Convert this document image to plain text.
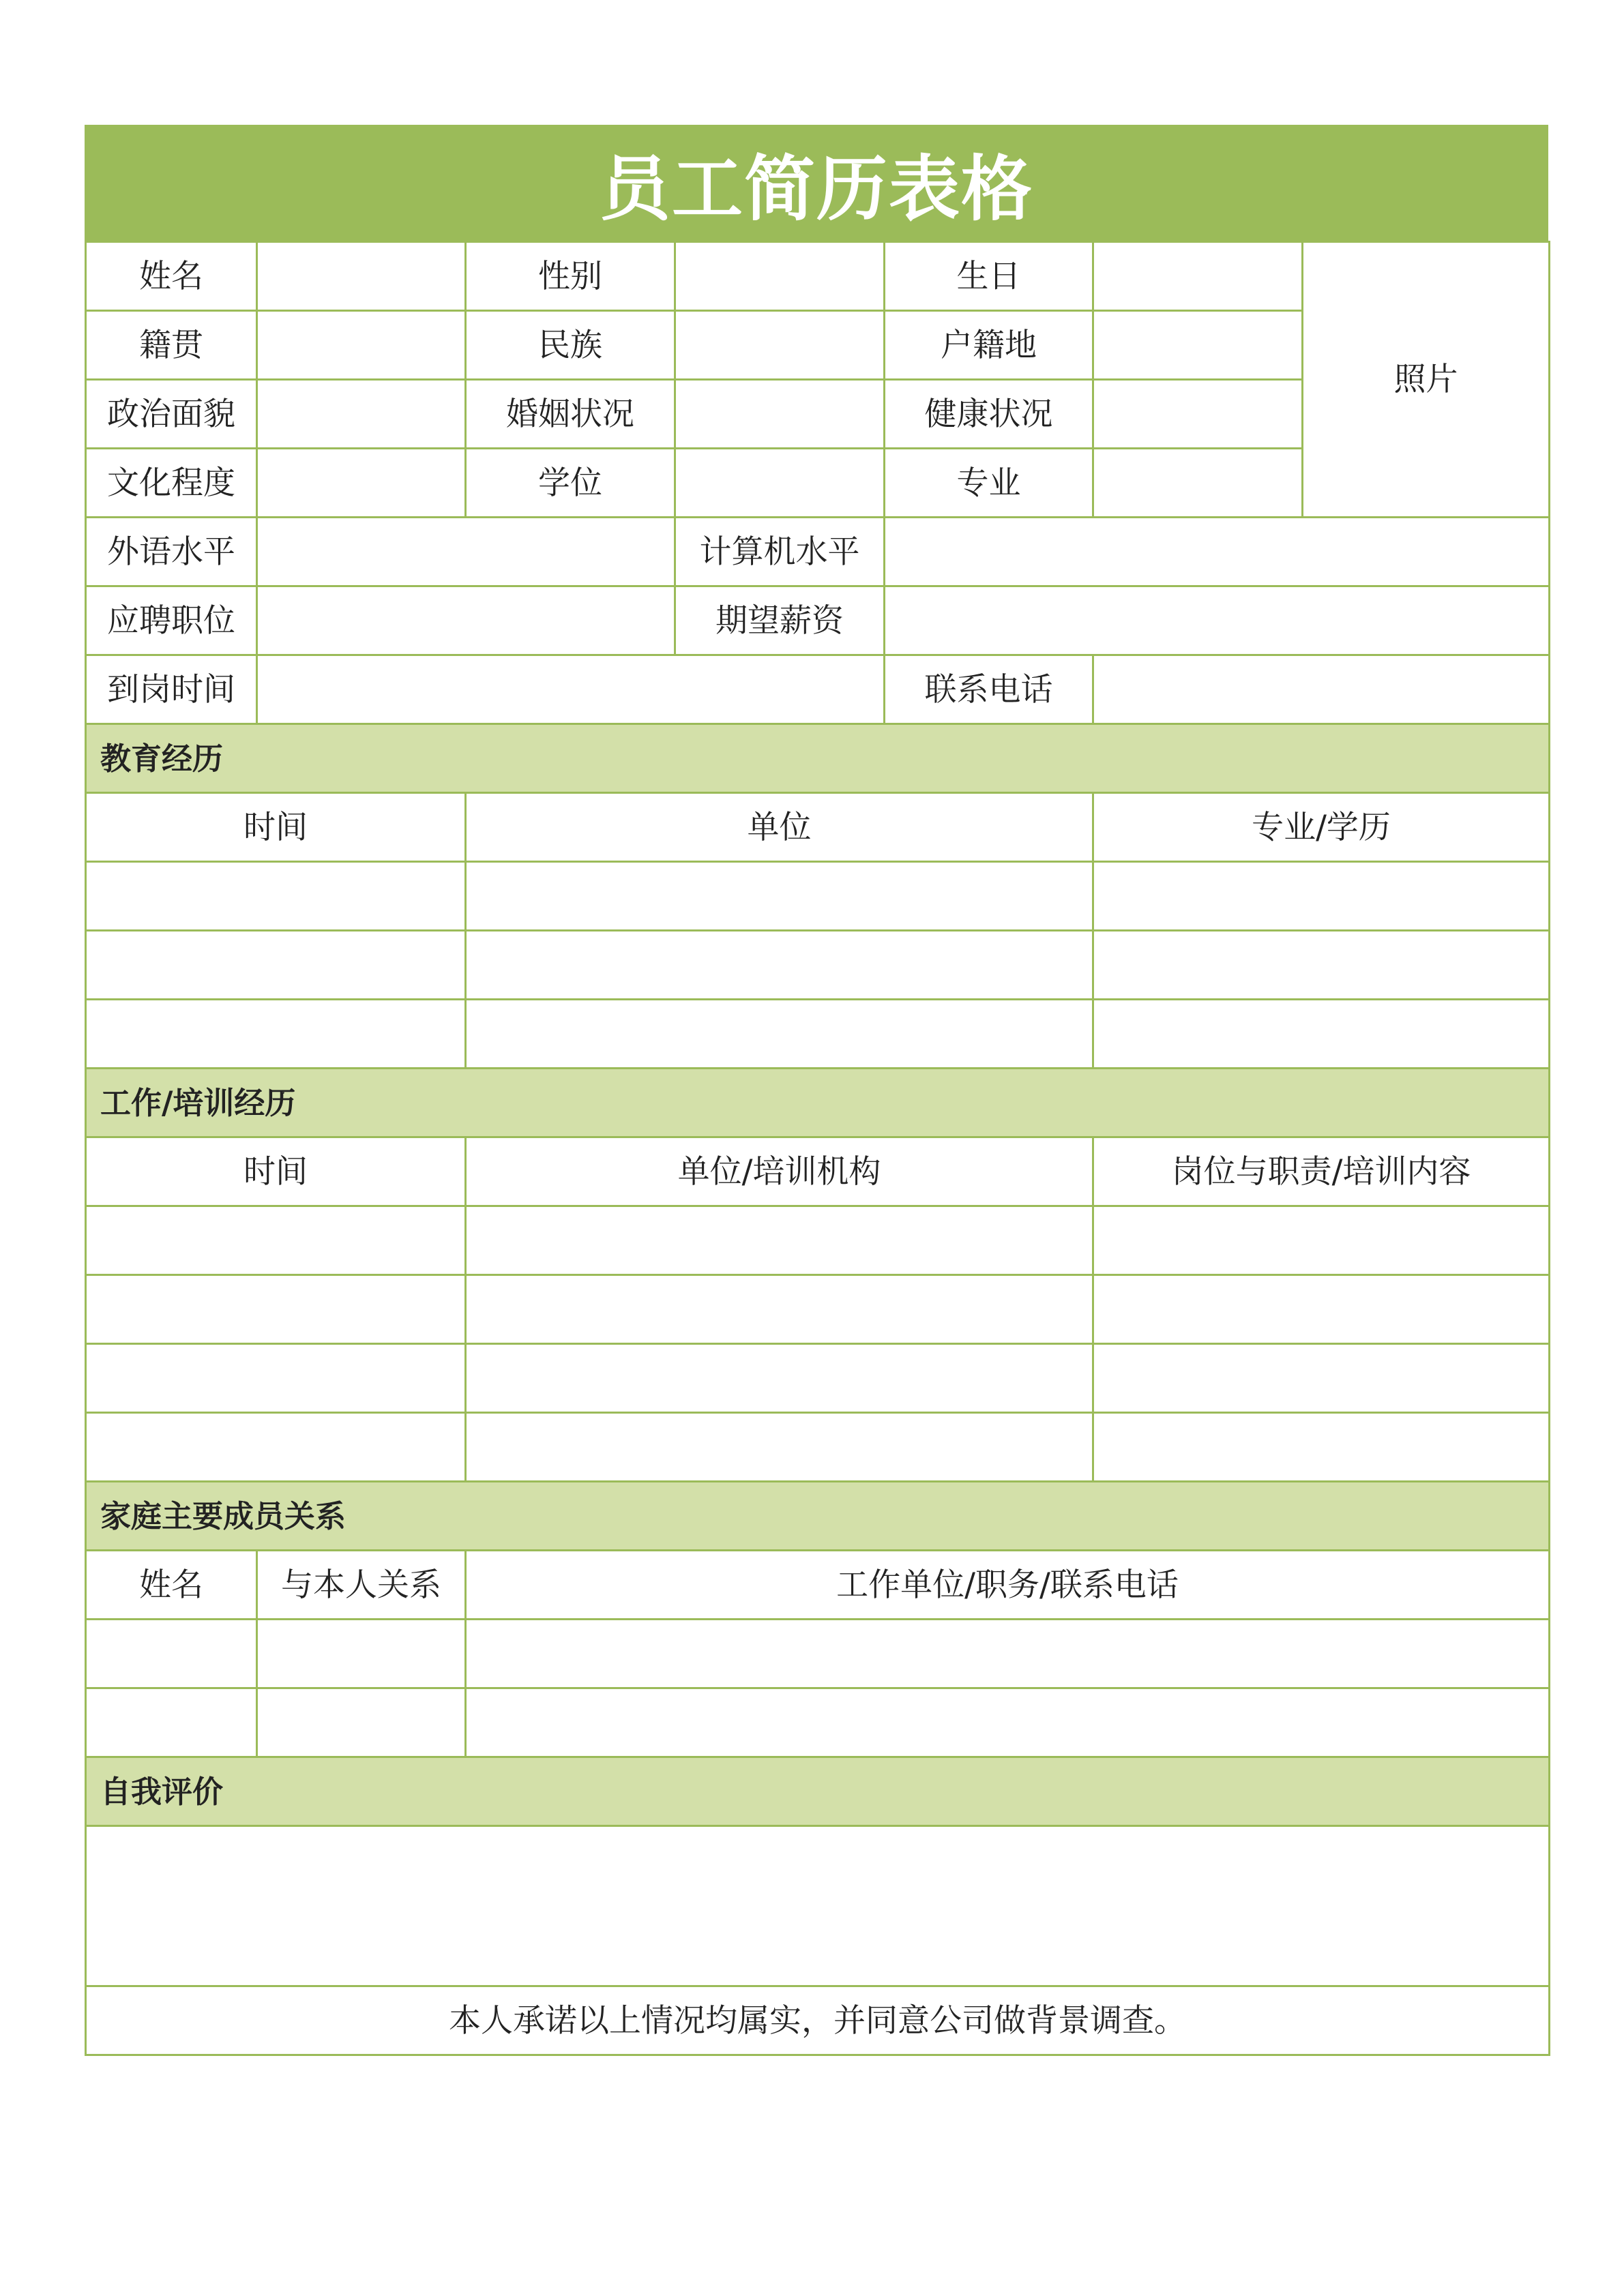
员工简历表格
姓名		性别		生日		照片
籍贯		民族		户籍地		
政治面貌		婚姻状况		健康状况		
文化程度		学位		专业		
外语水平			计算机水平			
应聘职位			期望薪资			
到岗时间				联系电话		
教育经历						
时间		单位			专业/学历	

工作/培训经历						
时间		单位/培训机构			岗位与职责/培训内容	

家庭主要成员关系						
姓名	与本人关系	工作单位/职务/联系电话				

自我评价						

本人承诺以上情况均属实，并同意公司做背景调查。						
